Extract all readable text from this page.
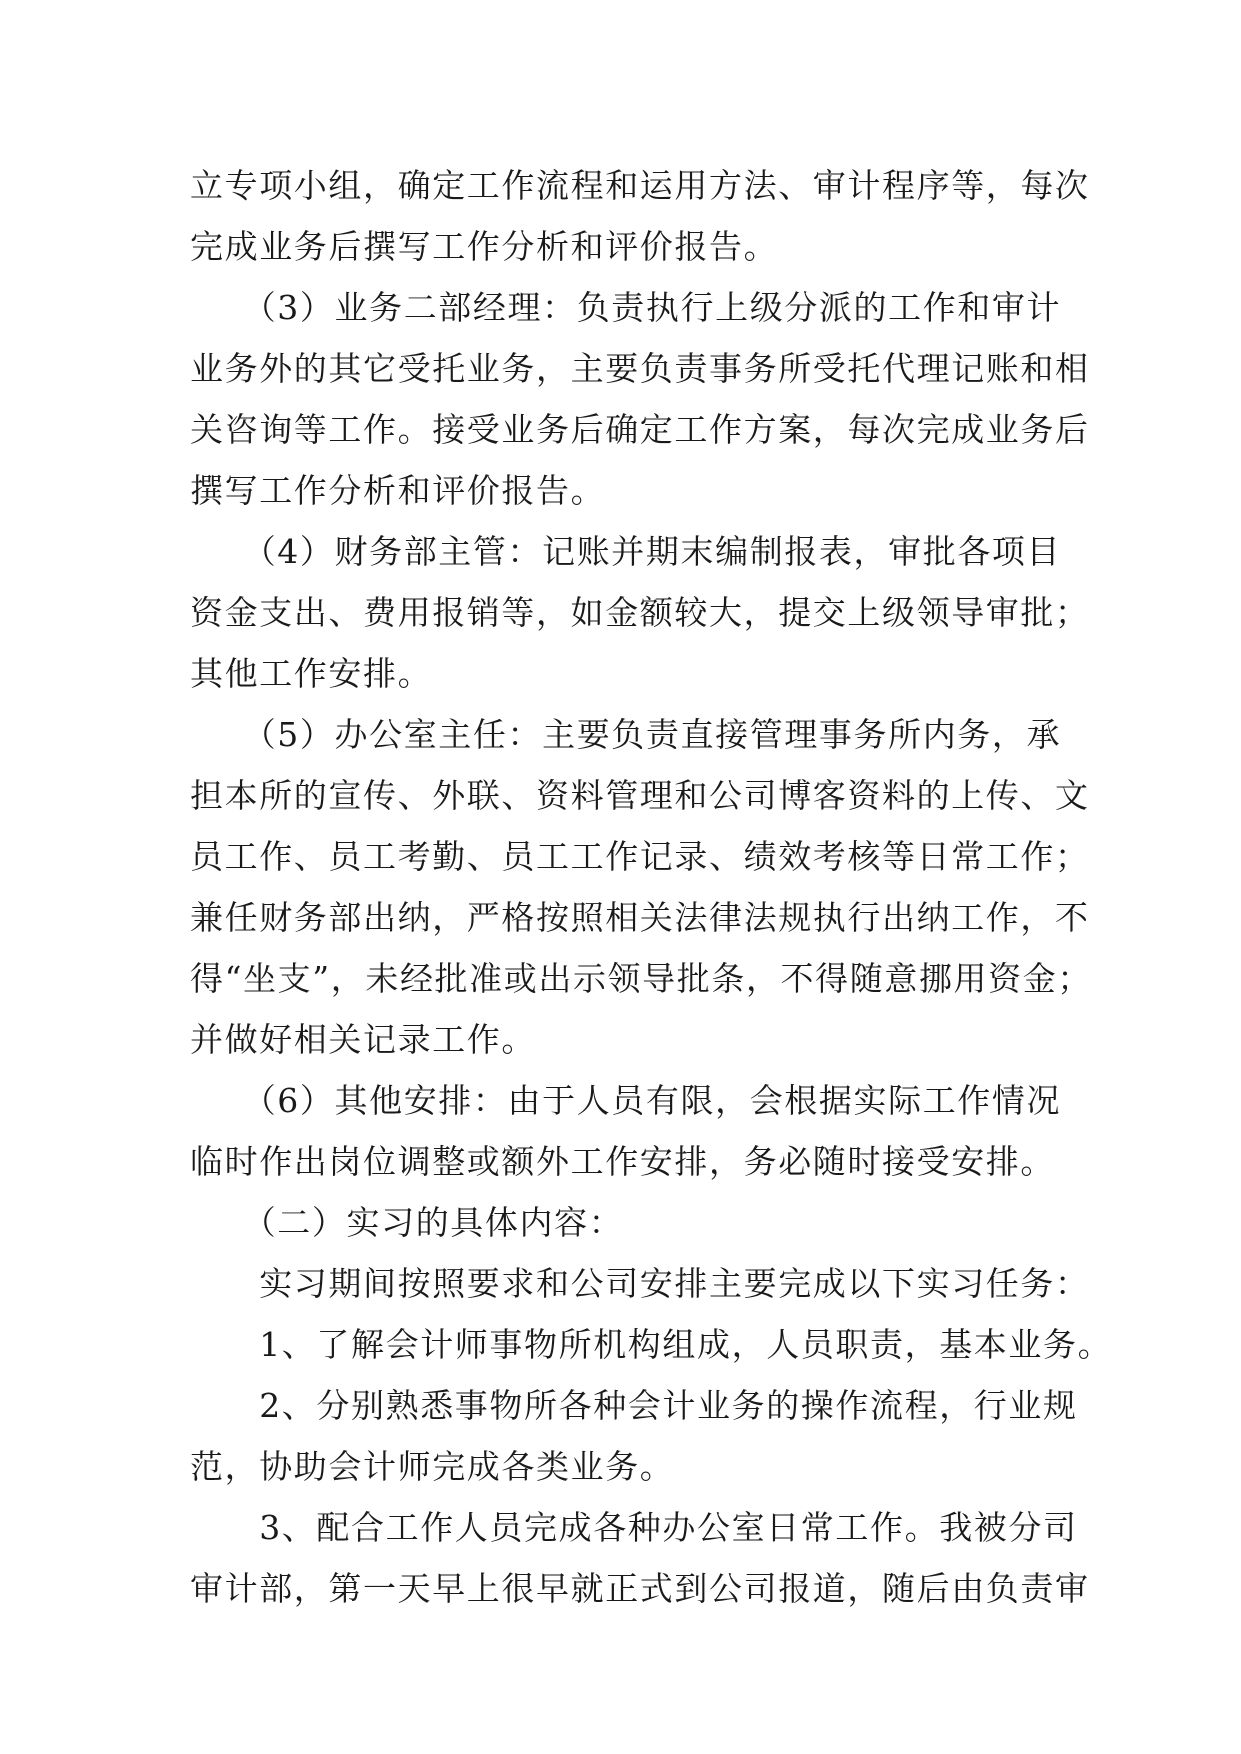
立专项小组，确定工作流程和运用方法、审计程序等，每次
完成业务后撰写工作分析和评价报告。

　　（3）业务二部经理：负责执行上级分派的工作和审计
业务外的其它受托业务，主要负责事务所受托代理记账和相
关咨询等工作。接受业务后确定工作方案，每次完成业务后
撰写工作分析和评价报告。

　　（4）财务部主管：记账并期末编制报表，审批各项目
资金支出、费用报销等，如金额较大，提交上级领导审批；
其他工作安排。

　　（5）办公室主任：主要负责直接管理事务所内务，承
担本所的宣传、外联、资料管理和公司博客资料的上传、文
员工作、员工考勤、员工工作记录、绩效考核等日常工作；
兼任财务部出纳，严格按照相关法律法规执行出纳工作，不
得“坐支”，未经批准或出示领导批条，不得随意挪用资金；
并做好相关记录工作。

　　（6）其他安排：由于人员有限，会根据实际工作情况
临时作出岗位调整或额外工作安排，务必随时接受安排。

　　（二）实习的具体内容：

　　实习期间按照要求和公司安排主要完成以下实习任务：

　　1、了解会计师事物所机构组成，人员职责，基本业务。

　　2、分别熟悉事物所各种会计业务的操作流程，行业规
范，协助会计师完成各类业务。

　　3、配合工作人员完成各种办公室日常工作。我被分司
审计部，第一天早上很早就正式到公司报道，随后由负责审
